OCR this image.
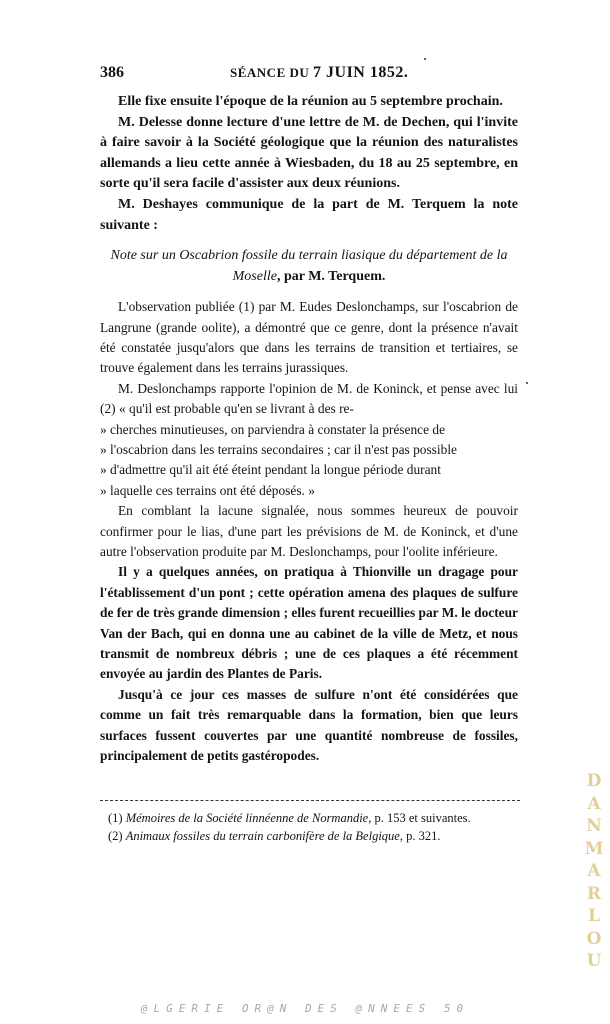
386	SÉANCE DU 7 JUIN 1852.

Elle fixe ensuite l'époque de la réunion au 5 septembre prochain.

M. Delesse donne lecture d'une lettre de M. de Dechen, qui l'invite à faire savoir à la Société géologique que la réunion des naturalistes allemands a lieu cette année à Wiesbaden, du 18 au 25 septembre, en sorte qu'il sera facile d'assister aux deux réunions.

M. Deshayes communique de la part de M. Terquem la note suivante :

Note sur un Oscabrion fossile du terrain liasique du département de la Moselle, par M. Terquem.

L'observation publiée (1) par M. Eudes Deslonchamps, sur l'oscabrion de Langrune (grande oolite), a démontré que ce genre, dont la présence n'avait été constatée jusqu'alors que dans les terrains de transition et tertiaires, se trouve également dans les terrains jurassiques.

M. Deslonchamps rapporte l'opinion de M. de Koninck, et pense avec lui (2) « qu'il est probable qu'en se livrant à des re-

» cherches minutieuses, on parviendra à constater la présence de

» l'oscabrion dans les terrains secondaires ; car il n'est pas possible

» d'admettre qu'il ait été éteint pendant la longue période durant

» laquelle ces terrains ont été déposés. »

En comblant la lacune signalée, nous sommes heureux de pouvoir confirmer pour le lias, d'une part les prévisions de M. de Koninck, et d'une autre l'observation produite par M. Deslonchamps, pour l'oolite inférieure.

Il y a quelques années, on pratiqua à Thionville un dragage pour l'établissement d'un pont ; cette opération amena des plaques de sulfure de fer de très grande dimension ; elles furent recueillies par M. le docteur Van der Bach, qui en donna une au cabinet de la ville de Metz, et nous transmit de nombreux débris ; une de ces plaques a été récemment envoyée au jardin des Plantes de Paris.

Jusqu'à ce jour ces masses de sulfure n'ont été considérées que comme un fait très remarquable dans la formation, bien que leurs surfaces fussent couvertes par une quantité nombreuse de fossiles, principalement de petits gastéropodes.

(1) Mémoires de la Société linnéenne de Normandie, p. 153 et suivantes.

(2) Animaux fossiles du terrain carbonifère de la Belgique, p. 321.

D
A
N
M
A
R
L
O
U
@LGERIE OR@N DES @NNEES 50
